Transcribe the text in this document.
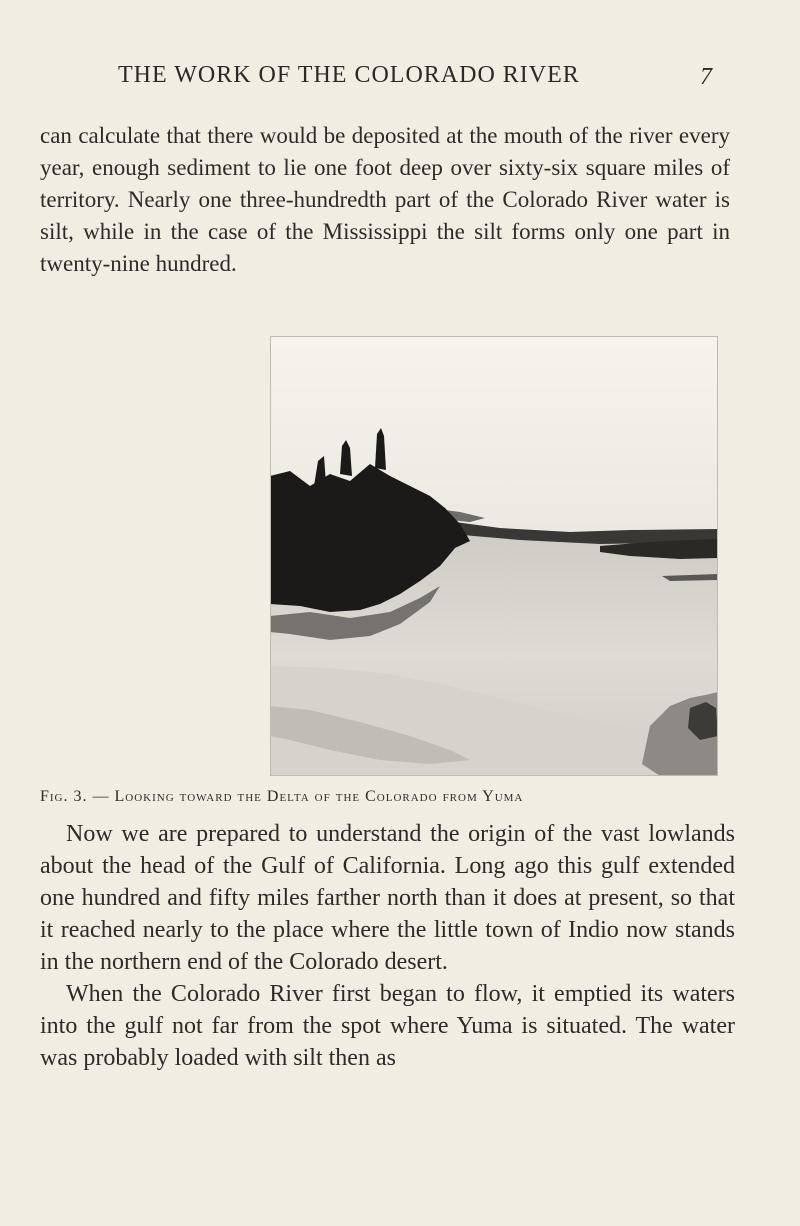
THE WORK OF THE COLORADO RIVER	7
can calculate that there would be deposited at the mouth of the river every year, enough sediment to lie one foot deep over sixty-six square miles of territory. Nearly one three-hundredth part of the Colorado River water is silt, while in the case of the Mississippi the silt forms only one part in twenty-nine hundred.
Fig. 3. — Looking toward the Delta of the Colorado from Yuma

Now we are prepared to understand the origin of the vast lowlands about the head of the Gulf of California. Long ago this gulf extended one hundred and fifty miles farther north than it does at present, so that it reached nearly to the place where the little town of Indio now stands in the northern end of the Colorado desert.

When the Colorado River first began to flow, it emptied its waters into the gulf not far from the spot where Yuma is situated. The water was probably loaded with silt then as
